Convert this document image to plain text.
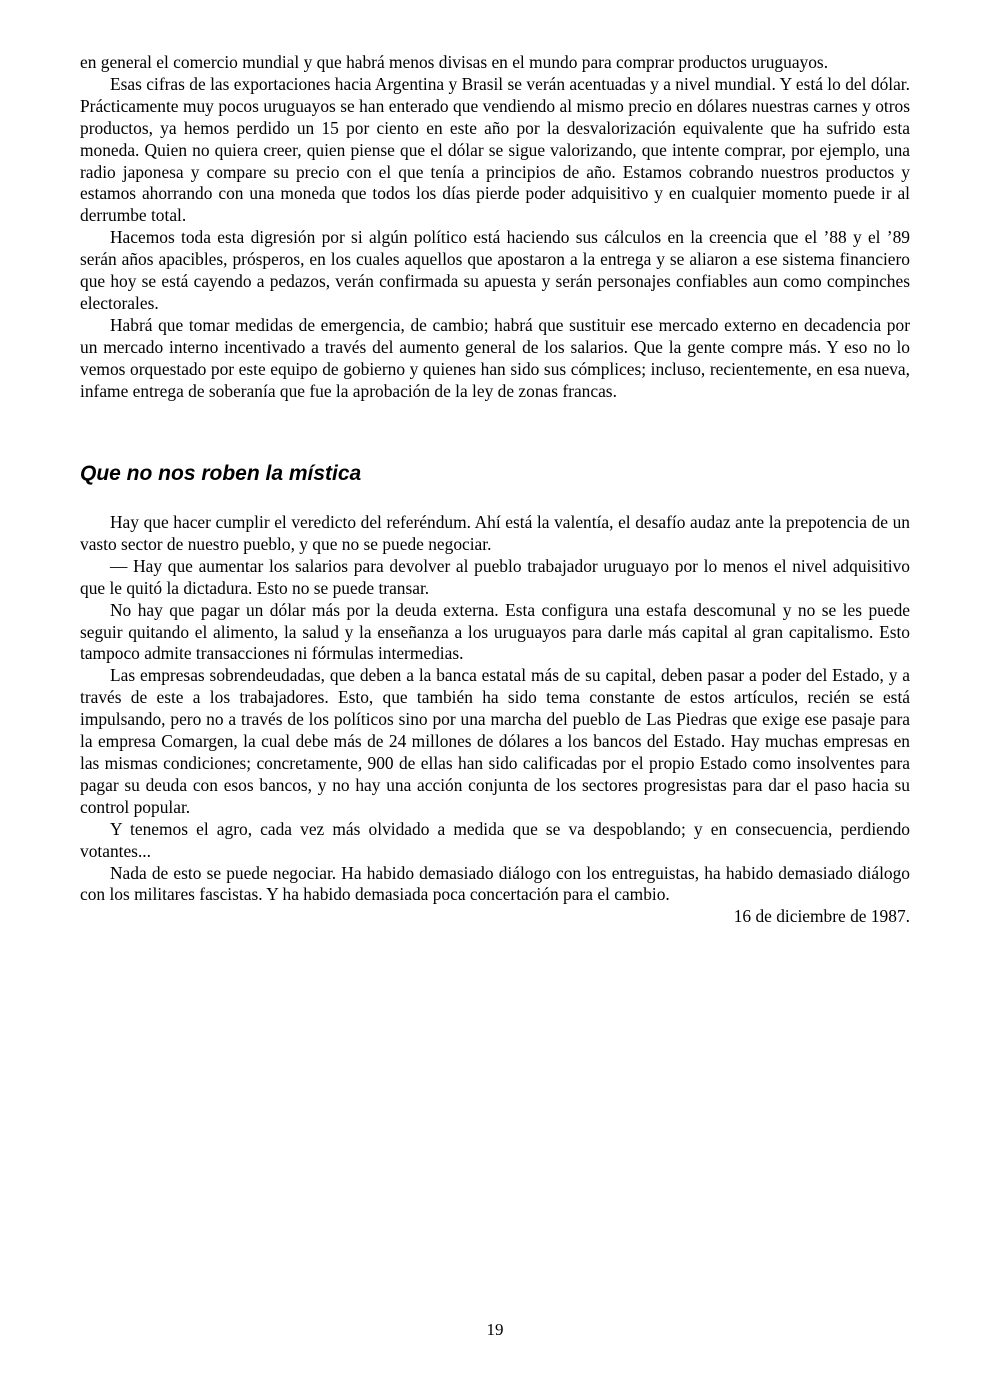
en general el comercio mundial y que habrá menos divisas en el mundo para comprar productos uruguayos.

Esas cifras de las exportaciones hacia Argentina y Brasil se verán acentuadas y a nivel mundial. Y está lo del dólar. Prácticamente muy pocos uruguayos se han enterado que vendiendo al mismo precio en dólares nuestras carnes y otros productos, ya hemos perdido un 15 por ciento en este año por la desvalorización equivalente que ha sufrido esta moneda. Quien no quiera creer, quien piense que el dólar se sigue valorizando, que intente comprar, por ejemplo, una radio japonesa y compare su precio con el que tenía a principios de año. Estamos cobrando nuestros productos y estamos ahorrando con una moneda que todos los días pierde poder adquisitivo y en cualquier momento puede ir al derrumbe total.

Hacemos toda esta digresión por si algún político está haciendo sus cálculos en la creencia que el ’88 y el ’89 serán años apacibles, prósperos, en los cuales aquellos que apostaron a la entrega y se aliaron a ese sistema financiero que hoy se está cayendo a pedazos, verán confirmada su apuesta y serán personajes confiables aun como compinches electorales.

Habrá que tomar medidas de emergencia, de cambio; habrá que sustituir ese mercado externo en decadencia por un mercado interno incentivado a través del aumento general de los salarios. Que la gente compre más. Y eso no lo vemos orquestado por este equipo de gobierno y quienes han sido sus cómplices; incluso, recientemente, en esa nueva, infame entrega de soberanía que fue la aprobación de la ley de zonas francas.

Que no nos roben la mística

Hay que hacer cumplir el veredicto del referéndum. Ahí está la valentía, el desafío audaz ante la prepotencia de un vasto sector de nuestro pueblo, y que no se puede negociar.

— Hay que aumentar los salarios para devolver al pueblo trabajador uruguayo por lo menos el nivel adquisitivo que le quitó la dictadura. Esto no se puede transar.

No hay que pagar un dólar más por la deuda externa. Esta configura una estafa descomunal y no se les puede seguir quitando el alimento, la salud y la enseñanza a los uruguayos para darle más capital al gran capitalismo. Esto tampoco admite transacciones ni fórmulas intermedias.

Las empresas sobrendeudadas, que deben a la banca estatal más de su capital, deben pasar a poder del Estado, y a través de este a los trabajadores. Esto, que también ha sido tema constante de estos artículos, recién se está impulsando, pero no a través de los políticos sino por una marcha del pueblo de Las Piedras que exige ese pasaje para la empresa Comargen, la cual debe más de 24 millones de dólares a los bancos del Estado. Hay muchas empresas en las mismas condiciones; concretamente, 900 de ellas han sido calificadas por el propio Estado como insolventes para pagar su deuda con esos bancos, y no hay una acción conjunta de los sectores progresistas para dar el paso hacia su control popular.

Y tenemos el agro, cada vez más olvidado a medida que se va despoblando; y en consecuencia, perdiendo votantes...

Nada de esto se puede negociar. Ha habido demasiado diálogo con los entreguistas, ha habido demasiado diálogo con los militares fascistas. Y ha habido demasiada poca concertación para el cambio.

16 de diciembre de 1987.

19
